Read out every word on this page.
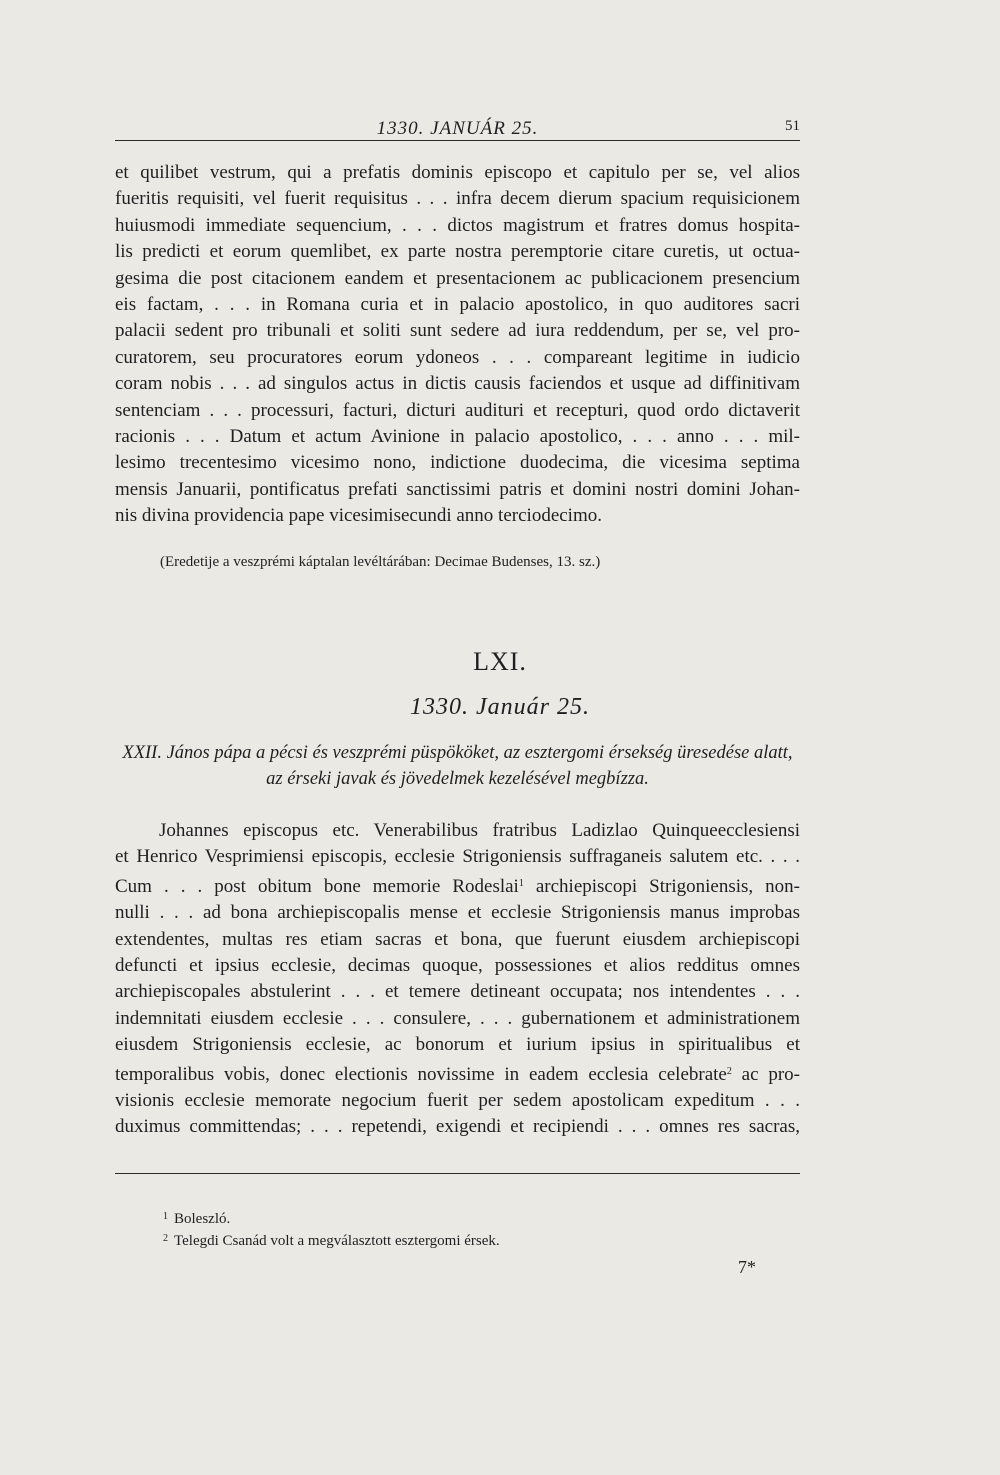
1330. JANUÁR 25.	51
et quilibet vestrum, qui a prefatis dominis episcopo et capitulo per se, vel alios
fueritis requisiti, vel fuerit requisitus . . . infra decem dierum spacium requisicionem
huiusmodi immediate sequencium, . . . dictos magistrum et fratres domus hospita-
lis predicti et eorum quemlibet, ex parte nostra peremptorie citare curetis, ut octua-
gesima die post citacionem eandem et presentacionem ac publicacionem presencium
eis factam, . . . in Romana curia et in palacio apostolico, in quo auditores sacri
palacii sedent pro tribunali et soliti sunt sedere ad iura reddendum, per se, vel pro-
curatorem, seu procuratores eorum ydoneos . . . compareant legitime in iudicio
coram nobis . . . ad singulos actus in dictis causis faciendos et usque ad diffinitivam
sentenciam . . . processuri, facturi, dicturi audituri et recepturi, quod ordo dictaverit
racionis . . . Datum et actum Avinione in palacio apostolico, . . . anno . . . mil-
lesimo trecentesimo vicesimo nono, indictione duodecima, die vicesima septima
mensis Januarii, pontificatus prefati sanctissimi patris et domini nostri domini Johan-
nis divina providencia pape vicesimisecundi anno terciodecimo.
(Eredetije a veszprémi káptalan levéltárában: Decimae Budenses, 13. sz.)
LXI.
1330. Január 25.
XXII. János pápa a pécsi és veszprémi püspököket, az esztergomi érsekség üresedése alatt,
az érseki javak és jövedelmek kezelésével megbízza.
Johannes episcopus etc. Venerabilibus fratribus Ladizlao Quinqueecclesiensi
et Henrico Vesprimiensi episcopis, ecclesie Strigoniensis suffraganeis salutem etc. . . .
Cum . . . post obitum bone memorie Rodeslai$^1$ archiepiscopi Strigoniensis, non-
nulli . . . ad bona archiepiscopalis mense et ecclesie Strigoniensis manus improbas
extendentes, multas res etiam sacras et bona, que fuerunt eiusdem archiepiscopi
defuncti et ipsius ecclesie, decimas quoque, possessiones et alios redditus omnes
archiepiscopales abstulerint . . . et temere detineant occupata; nos intendentes . . .
indemnitati eiusdem ecclesie . . . consulere, . . . gubernationem et administrationem
eiusdem Strigoniensis ecclesie, ac bonorum et iurium ipsius in spiritualibus et
temporalibus vobis, donec electionis novissime in eadem ecclesia celebrate$^2$ ac pro-
visionis ecclesie memorate negocium fuerit per sedem apostolicam expeditum . . .
duximus committendas; . . . repetendi, exigendi et recipiendi . . . omnes res sacras,
$^1$ Boleszló.
$^2$ Telegdi Csanád volt a megválasztott esztergomi érsek.
7*
